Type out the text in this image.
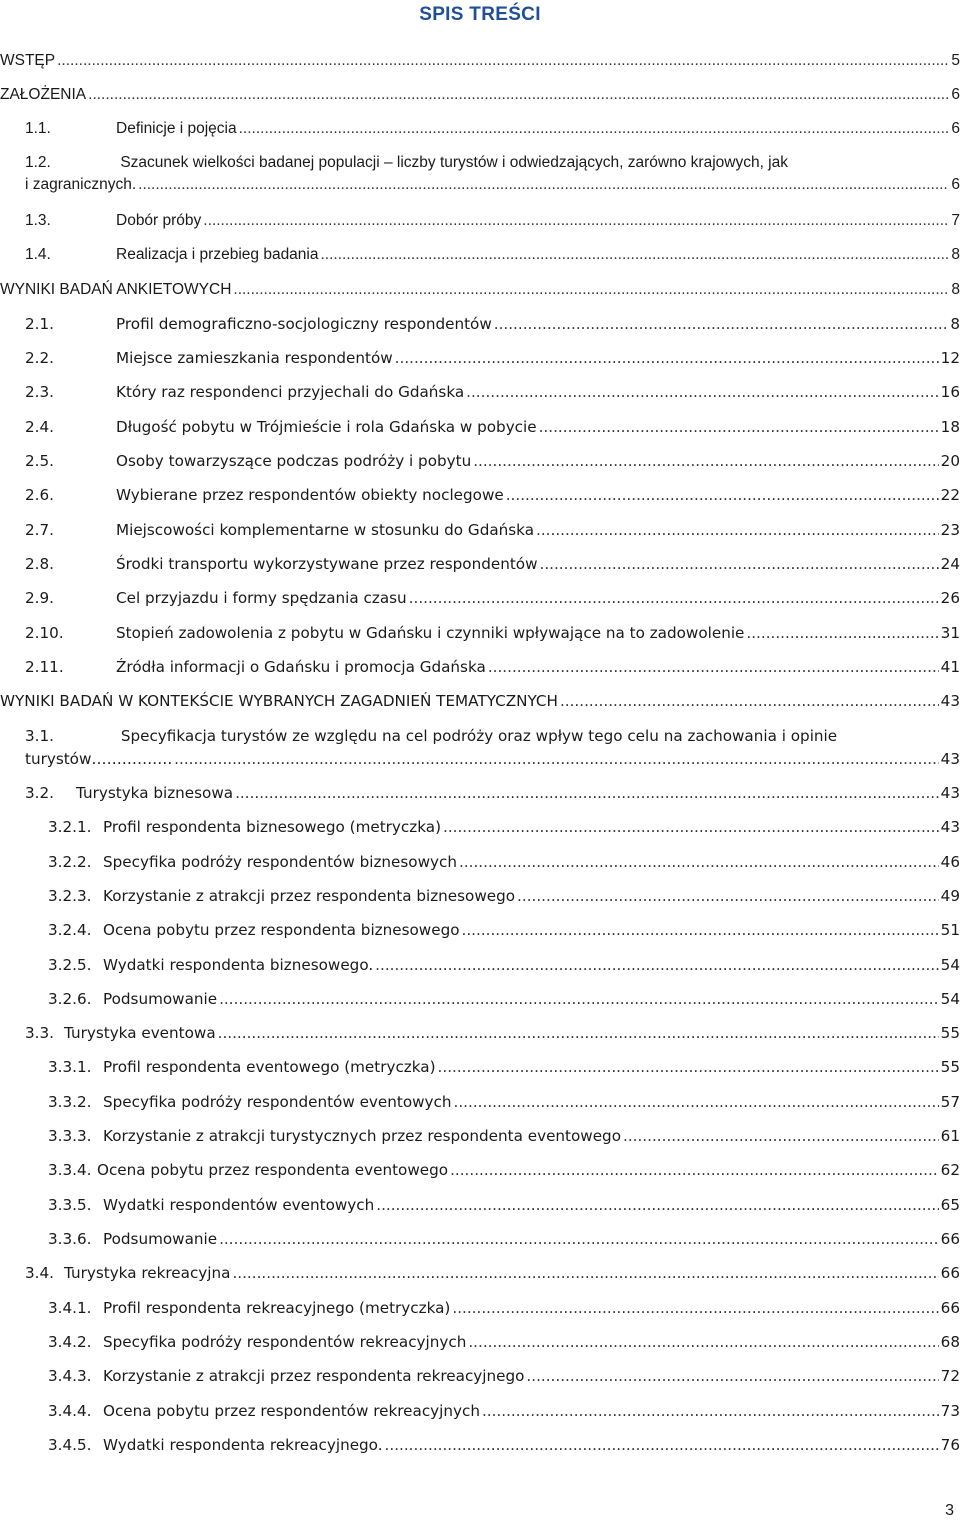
SPIS TREŚCI
WSTĘP .....	5
ZAŁOŻENIA .....	6
1.1.	Definicje i pojęcia .....	6
1.2.	Szacunek wielkości badanej populacji – liczby turystów i odwiedzających, zarówno krajowych, jak
i zagranicznych. .....	6
1.3.	Dobór próby .....	7
1.4.	Realizacja i przebieg badania .....	8
WYNIKI BADAŃ ANKIETOWYCH .....	8
2.1.	Profil demograficzno-socjologiczny respondentów .....	8
2.2.	Miejsce zamieszkania respondentów .....	12
2.3.	Który raz respondenci przyjechali do Gdańska .....	16
2.4.	Długość pobytu w Trójmieście i rola Gdańska w pobycie .....	18
2.5.	Osoby towarzyszące podczas podróży i pobytu .....	20
2.6.	Wybierane przez respondentów obiekty noclegowe .....	22
2.7.	Miejscowości komplementarne w stosunku do Gdańska .....	23
2.8.	Środki transportu wykorzystywane przez respondentów .....	24
2.9.	Cel przyjazdu i formy spędzania czasu .....	26
2.10.	Stopień zadowolenia z pobytu w Gdańsku i czynniki wpływające na to zadowolenie .....	31
2.11.	Źródła informacji o Gdańsku i promocja Gdańska .....	41
WYNIKI BADAŃ W KONTEKŚCIE WYBRANYCH ZAGADNIEŃ TEMATYCZNYCH .....	43
3.1.	Specyfikacja turystów ze względu na cel podróży oraz wpływ tego celu na zachowania i opinie
turystów……………. .....	43
3.2.	Turystyka biznesowa .....	43
3.2.1. Profil respondenta biznesowego (metryczka) .....	43
3.2.2. Specyfika podróży respondentów biznesowych .....	46
3.2.3. Korzystanie z atrakcji przez respondenta biznesowego .....	49
3.2.4. Ocena pobytu przez respondenta biznesowego .....	51
3.2.5. Wydatki respondenta biznesowego. .....	54
3.2.6. Podsumowanie .....	54
3.3. Turystyka eventowa .....	55
3.3.1. Profil respondenta eventowego (metryczka) .....	55
3.3.2. Specyfika podróży respondentów eventowych .....	57
3.3.3. Korzystanie z atrakcji turystycznych przez respondenta eventowego .....	61
3.3.4. Ocena pobytu przez respondenta eventowego .....	62
3.3.5. Wydatki respondentów eventowych .....	65
3.3.6. Podsumowanie .....	66
3.4. Turystyka rekreacyjna .....	66
3.4.1. Profil respondenta rekreacyjnego (metryczka) .....	66
3.4.2. Specyfika podróży respondentów rekreacyjnych .....	68
3.4.3. Korzystanie z atrakcji przez respondenta rekreacyjnego .....	72
3.4.4. Ocena pobytu przez respondentów rekreacyjnych .....	73
3.4.5. Wydatki respondenta rekreacyjnego. .....	76
3
